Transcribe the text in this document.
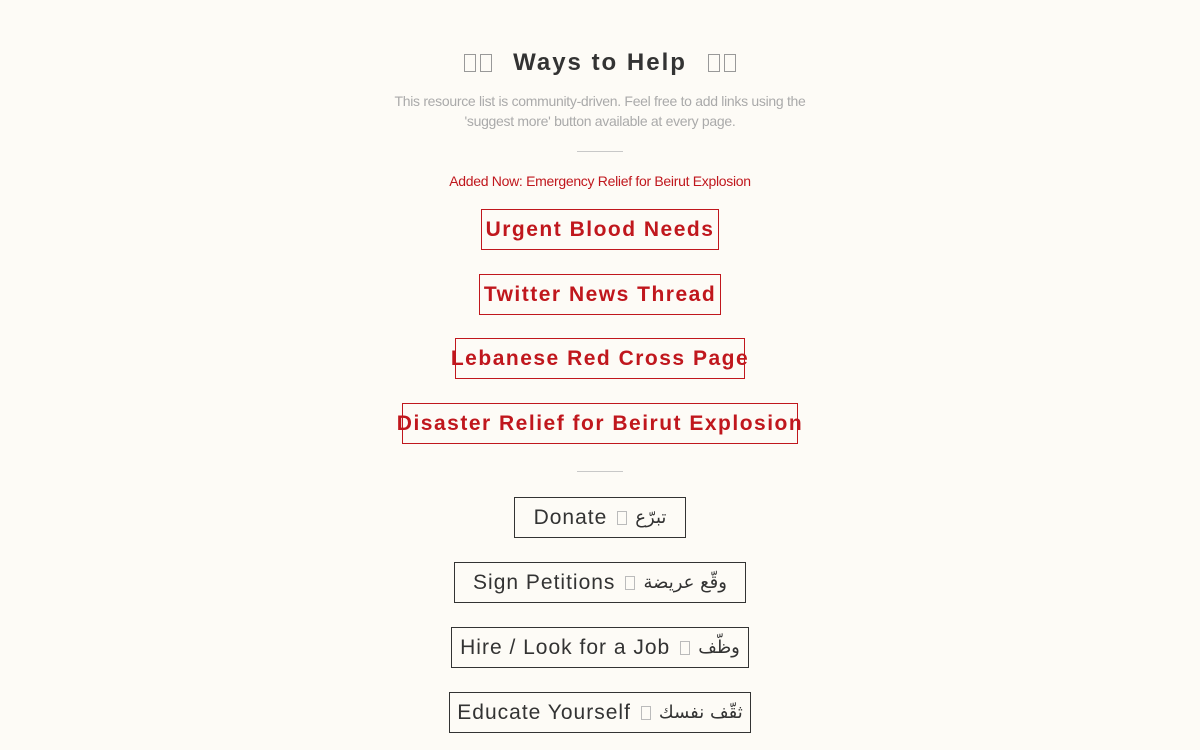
Ways to Help
This resource list is community-driven. Feel free to add links using the 'suggest more' button available at every page.
Added Now: Emergency Relief for Beirut Explosion
Urgent Blood Needs
Twitter News Thread
Lebanese Red Cross Page
Disaster Relief for Beirut Explosion
Donate تبرّع
Sign Petitions وقّع عريضة
Hire / Look for a Job وظّف
Educate Yourself ثقّف نفسك
